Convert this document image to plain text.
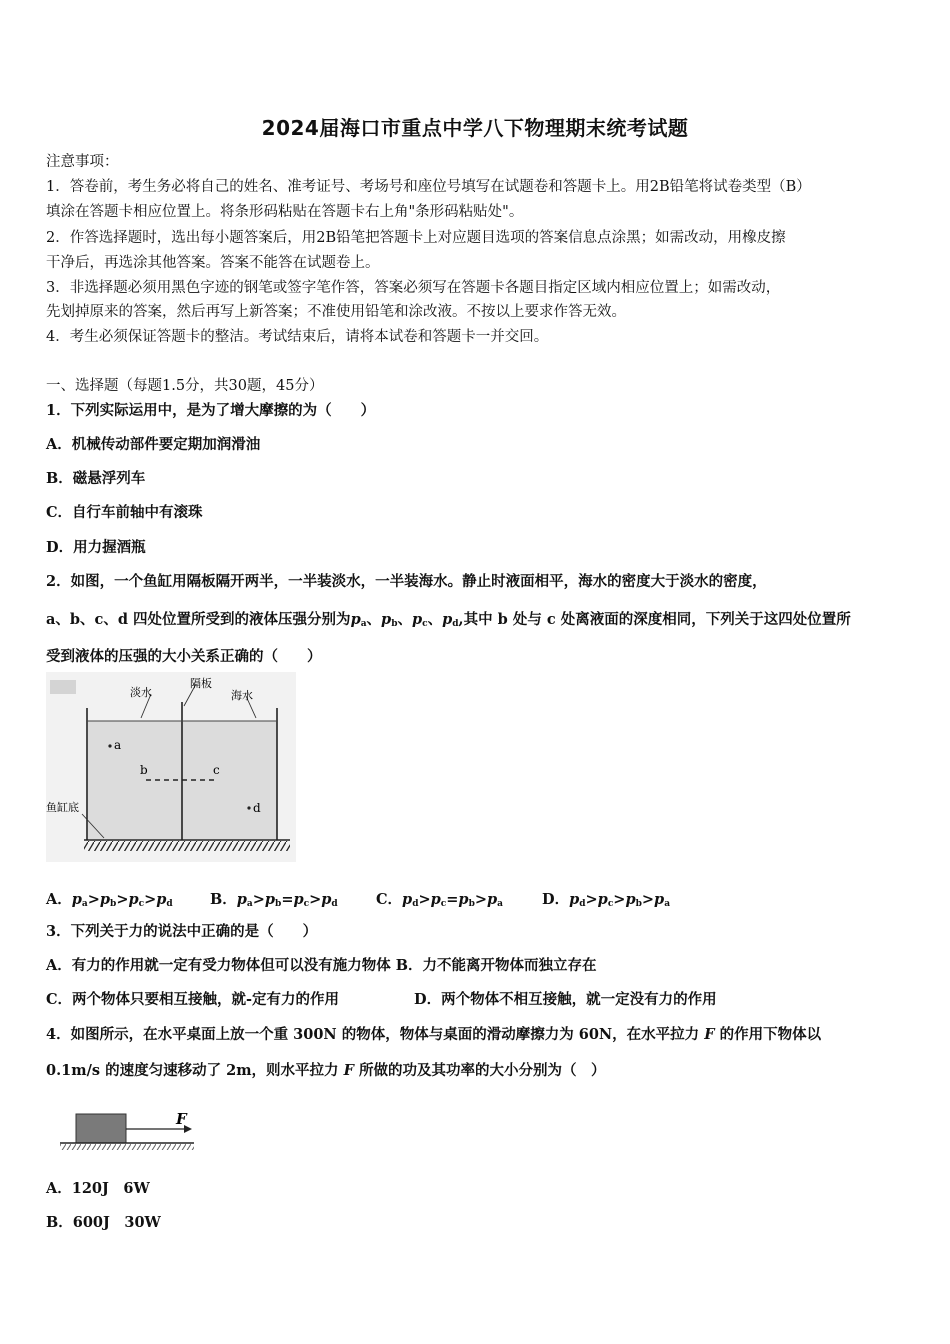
2024届海口市重点中学八下物理期末统考试题
注意事项：
1．答卷前，考生务必将自己的姓名、准考证号、考场号和座位号填写在试题卷和答题卡上。用2B铅笔将试卷类型（B）
填涂在答题卡相应位置上。将条形码粘贴在答题卡右上角"条形码粘贴处"。
2．作答选择题时，选出每小题答案后，用2B铅笔把答题卡上对应题目选项的答案信息点涂黑；如需改动，用橡皮擦
干净后，再选涂其他答案。答案不能答在试题卷上。
3．非选择题必须用黑色字迹的钢笔或签字笔作答，答案必须写在答题卡各题目指定区域内相应位置上；如需改动，
先划掉原来的答案，然后再写上新答案；不准使用铅笔和涂改液。不按以上要求作答无效。
4．考生必须保证答题卡的整洁。考试结束后，请将本试卷和答题卡一并交回。
一、选择题（每题1.5分，共30题，45分）
1．下列实际运用中，是为了增大摩擦的为（　　）
A．机械传动部件要定期加润滑油
B．磁悬浮列车
C．自行车前轴中有滚珠
D．用力握酒瓶
2．如图，一个鱼缸用隔板隔开两半，一半装淡水，一半装海水。静止时液面相平，海水的密度大于淡水的密度，
a、b、c、d 四处位置所受到的液体压强分别为$p_a$、$p_b$、$p_c$、$p_d$,其中 b 处与 c 处离液面的深度相同，下列关于这四处位置所
受到液体的压强的大小关系正确的（　　）
淡水
隔板
海水
鱼缸底
a
b	c
d
A．$p_a>p_b>p_c>p_d$	B．$p_a>p_b=p_c>p_d$	C．$p_d>p_c=p_b>p_a$	D．$p_d>p_c>p_b>p_a$
3．下列关于力的说法中正确的是（　　）
A．有力的作用就一定有受力物体但可以没有施力物体 B．力不能离开物体而独立存在
C．两个物体只要相互接触，就-定有力的作用	D．两个物体不相互接触，就一定没有力的作用
4．如图所示，在水平桌面上放一个重 300N 的物体，物体与桌面的滑动摩擦力为 60N，在水平拉力 F 的作用下物体以
0.1m/s 的速度匀速移动了 2m，则水平拉力 F 所做的功及其功率的大小分别为（　）
F
A．120J　6W
B．600J　30W
